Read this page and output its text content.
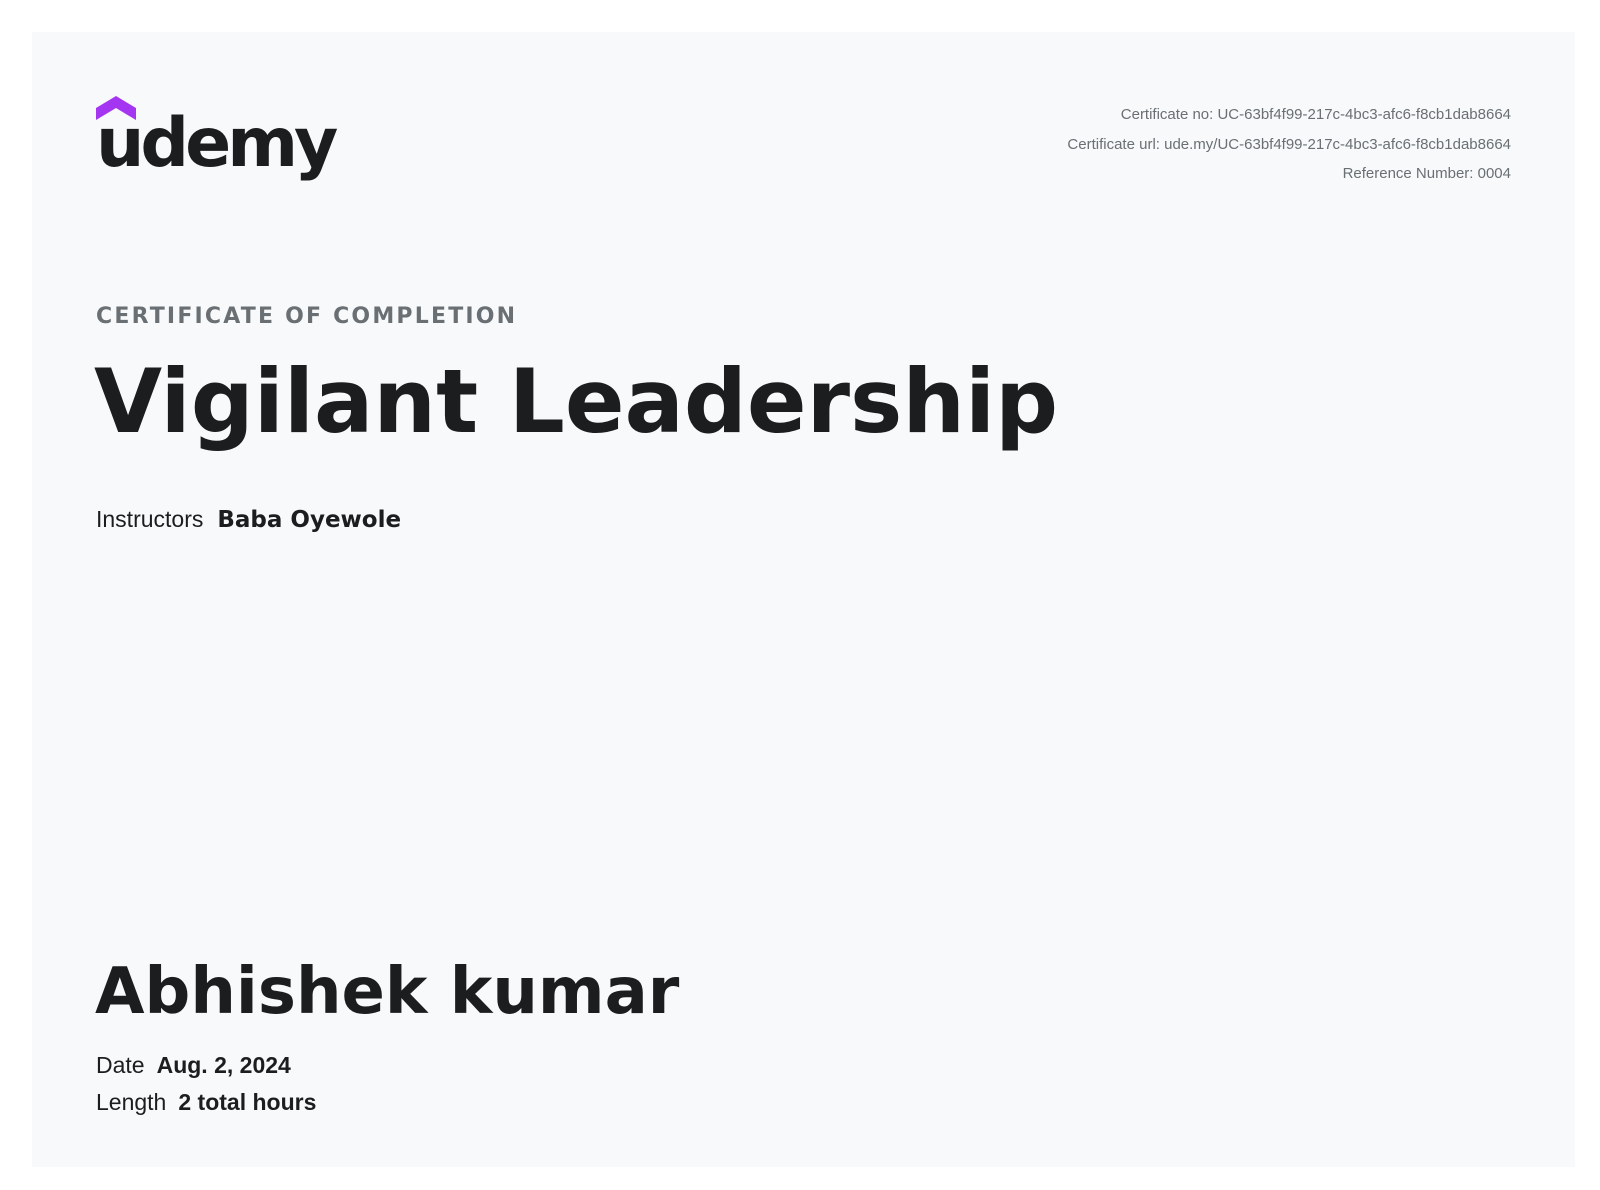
udemy	Certificate no: UC-63bf4f99-217c-4bc3-afc6-f8cb1dab8664
Certificate url: ude.my/UC-63bf4f99-217c-4bc3-afc6-f8cb1dab8664
Reference Number: 0004
CERTIFICATE OF COMPLETION
Vigilant Leadership
Instructors Baba Oyewole
Abhishek kumar
Date Aug. 2, 2024
Length 2 total hours
